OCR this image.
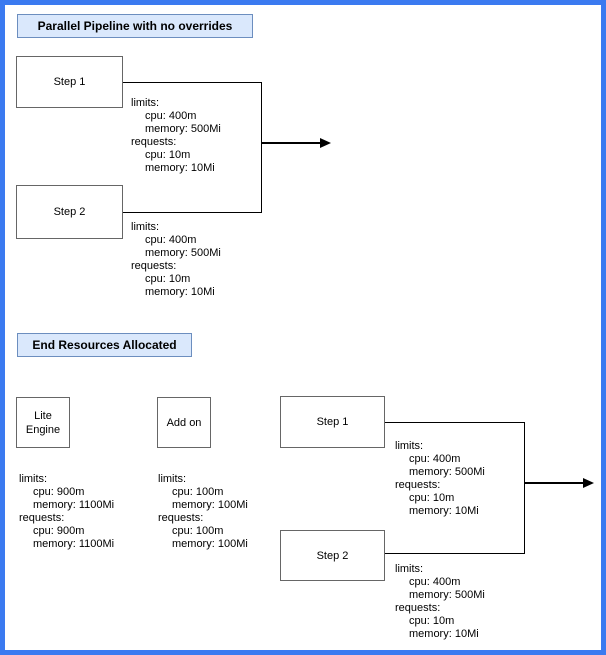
Parallel Pipeline with no overrides
Step 1
Step 2
limits:
cpu: 400m
memory: 500Mi
requests:
cpu: 10m
memory: 10Mi
limits:
cpu: 400m
memory: 500Mi
requests:
cpu: 10m
memory: 10Mi
End Resources Allocated
Lite
Engine
Add on
limits:
cpu: 900m
memory: 1100Mi
requests:
cpu: 900m
memory: 1100Mi
limits:
cpu: 100m
memory: 100Mi
requests:
cpu: 100m
memory: 100Mi
Step 1
Step 2
limits:
cpu: 400m
memory: 500Mi
requests:
cpu: 10m
memory: 10Mi
limits:
cpu: 400m
memory: 500Mi
requests:
cpu: 10m
memory: 10Mi
